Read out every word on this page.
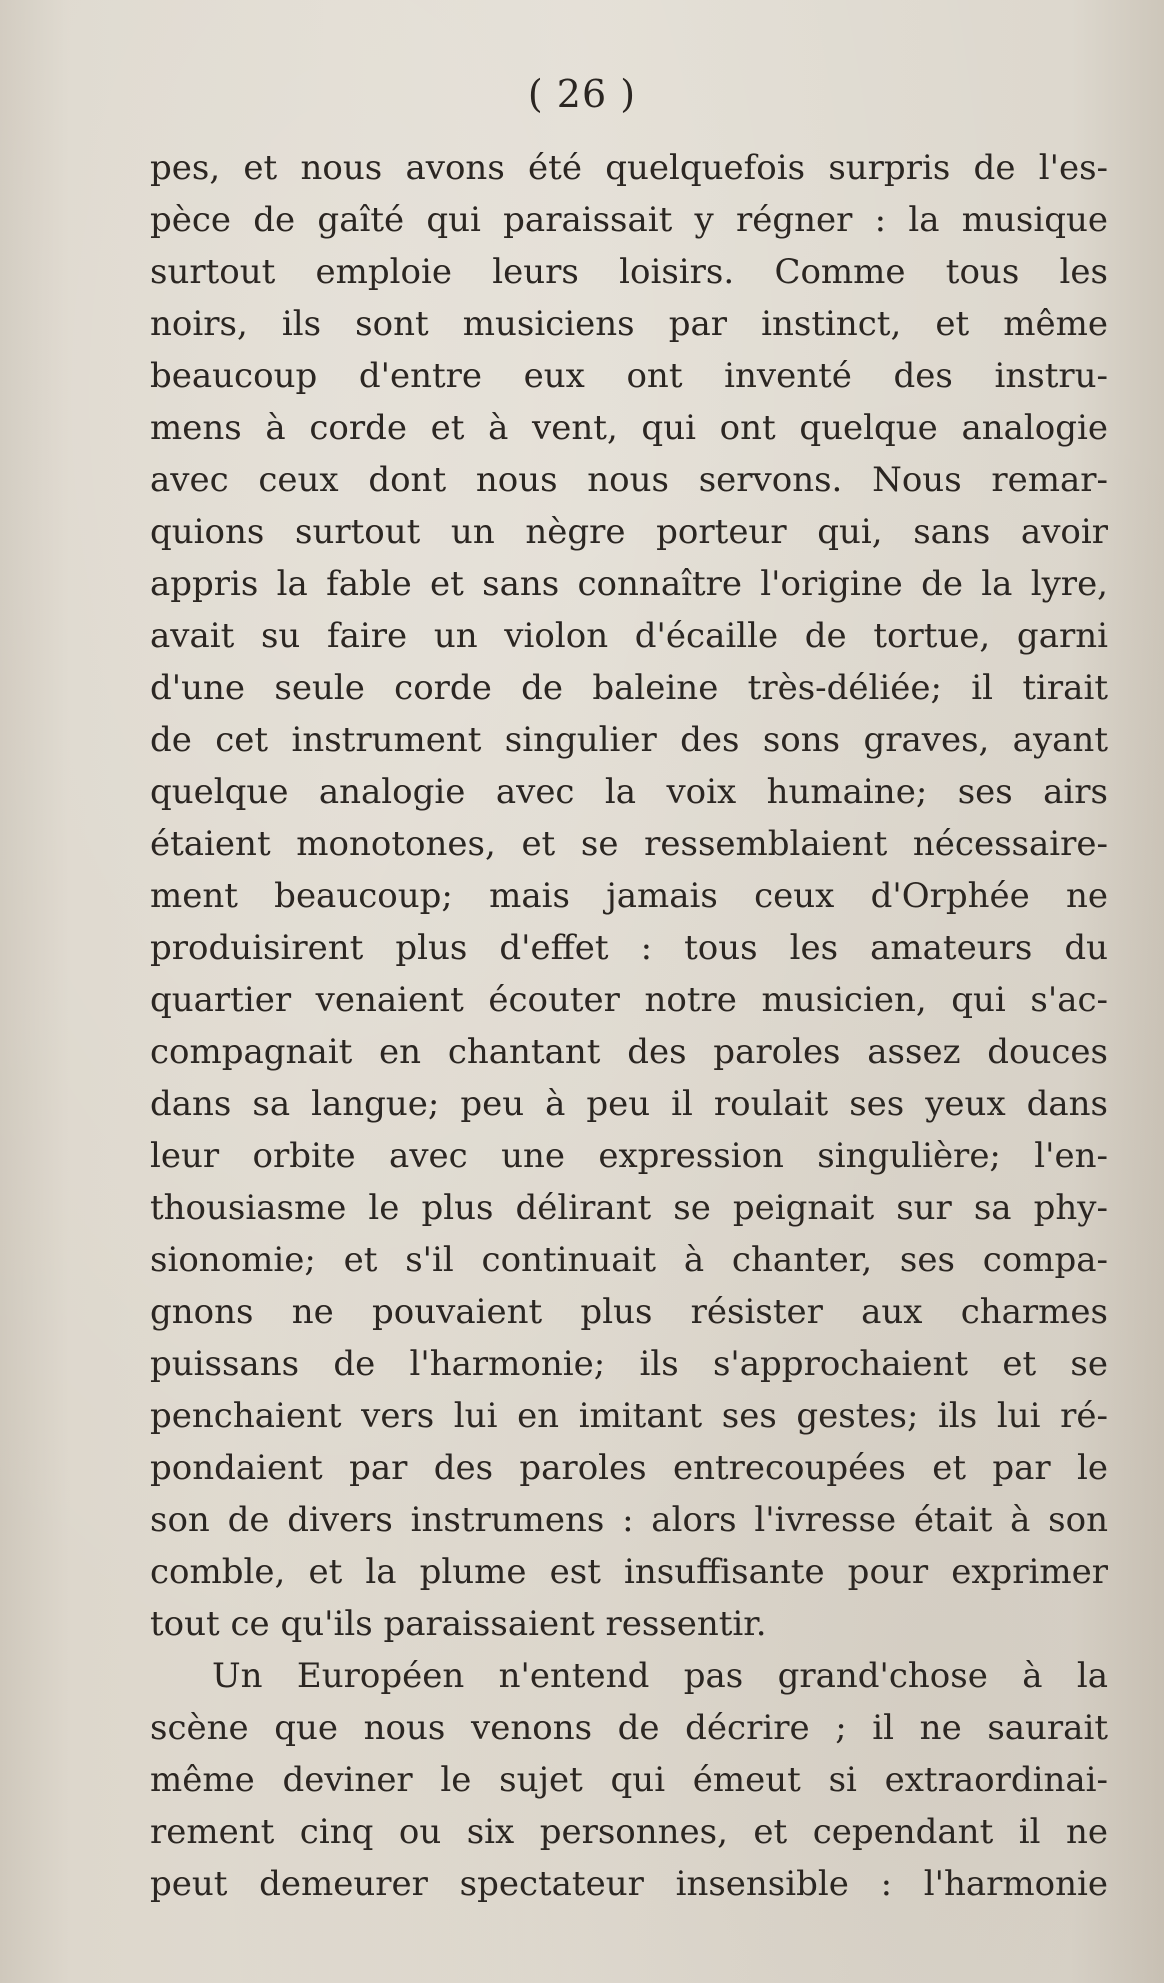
( 26 )
pes, et nous avons été quelquefois surpris de l'es-
pèce de gaîté qui paraissait y régner : la musique
surtout emploie leurs loisirs. Comme tous les
noirs, ils sont musiciens par instinct, et même
beaucoup d'entre eux ont inventé des instru-
mens à corde et à vent, qui ont quelque analogie
avec ceux dont nous nous servons. Nous remar-
quions surtout un nègre porteur qui, sans avoir
appris la fable et sans connaître l'origine de la lyre,
avait su faire un violon d'écaille de tortue, garni
d'une seule corde de baleine très-déliée; il tirait
de cet instrument singulier des sons graves, ayant
quelque analogie avec la voix humaine; ses airs
étaient monotones, et se ressemblaient nécessaire-
ment beaucoup; mais jamais ceux d'Orphée ne
produisirent plus d'effet : tous les amateurs du
quartier venaient écouter notre musicien, qui s'ac-
compagnait en chantant des paroles assez douces
dans sa langue; peu à peu il roulait ses yeux dans
leur orbite avec une expression singulière; l'en-
thousiasme le plus délirant se peignait sur sa phy-
sionomie; et s'il continuait à chanter, ses compa-
gnons ne pouvaient plus résister aux charmes
puissans de l'harmonie; ils s'approchaient et se
penchaient vers lui en imitant ses gestes; ils lui ré-
pondaient par des paroles entrecoupées et par le
son de divers instrumens : alors l'ivresse était à son
comble, et la plume est insuffisante pour exprimer
tout ce qu'ils paraissaient ressentir.
Un Européen n'entend pas grand'chose à la
scène que nous venons de décrire ; il ne saurait
même deviner le sujet qui émeut si extraordinai-
rement cinq ou six personnes, et cependant il ne
peut demeurer spectateur insensible : l'harmonie
